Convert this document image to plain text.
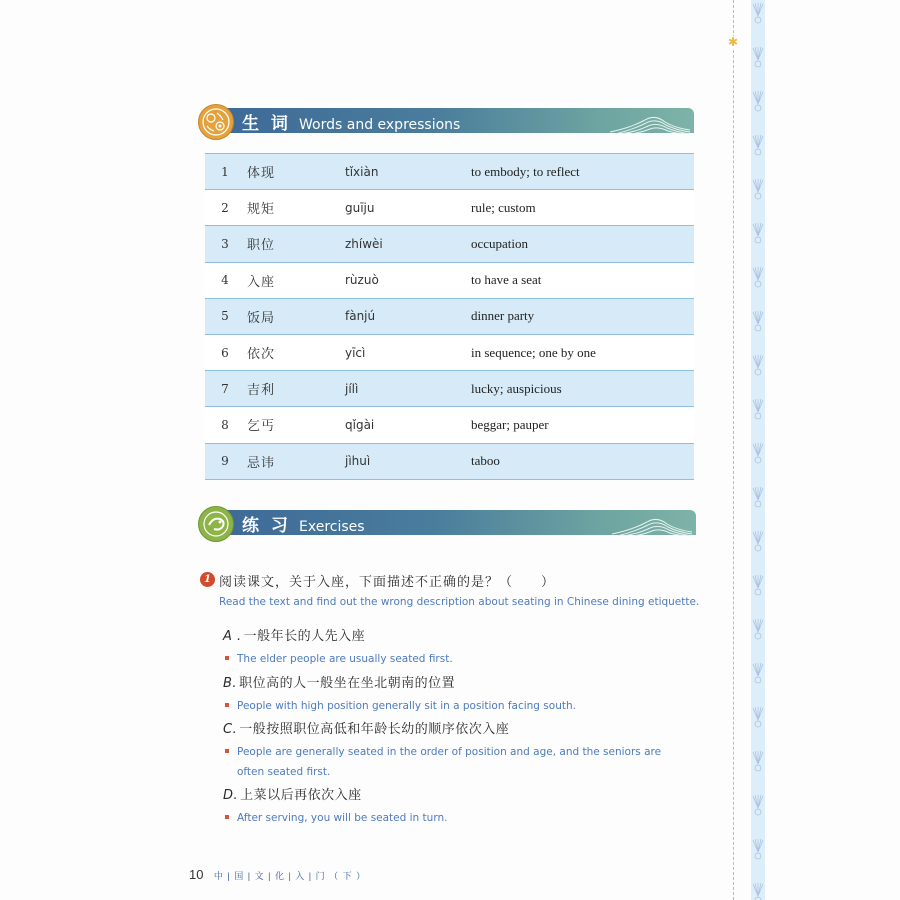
✱
生 词 Words and expressions
1	体现	tǐxiàn	to embody; to reflect
2	规矩	guīju	rule; custom
3	职位	zhíwèi	occupation
4	入座	rùzuò	to have a seat
5	饭局	fànjú	dinner party
6	依次	yīcì	in sequence; one by one
7	吉利	jílì	lucky; auspicious
8	乞丐	qǐgài	beggar; pauper
9	忌讳	jìhuì	taboo
练 习 Exercises
1 阅读课文，关于入座，下面描述不正确的是？（　　）
Read the text and find out the wrong description about seating in Chinese dining etiquette.
A . 一般年长的人先入座
The elder people are usually seated first.
B. 职位高的人一般坐在坐北朝南的位置
People with high position generally sit in a position facing south.
C. 一般按照职位高低和年龄长幼的顺序依次入座
People are generally seated in the order of position and age, and the seniors are often seated first.
D. 上菜以后再依次入座
After serving, you will be seated in turn.
10 中 | 国 | 文 | 化 | 入 | 门 （ 下 ）
